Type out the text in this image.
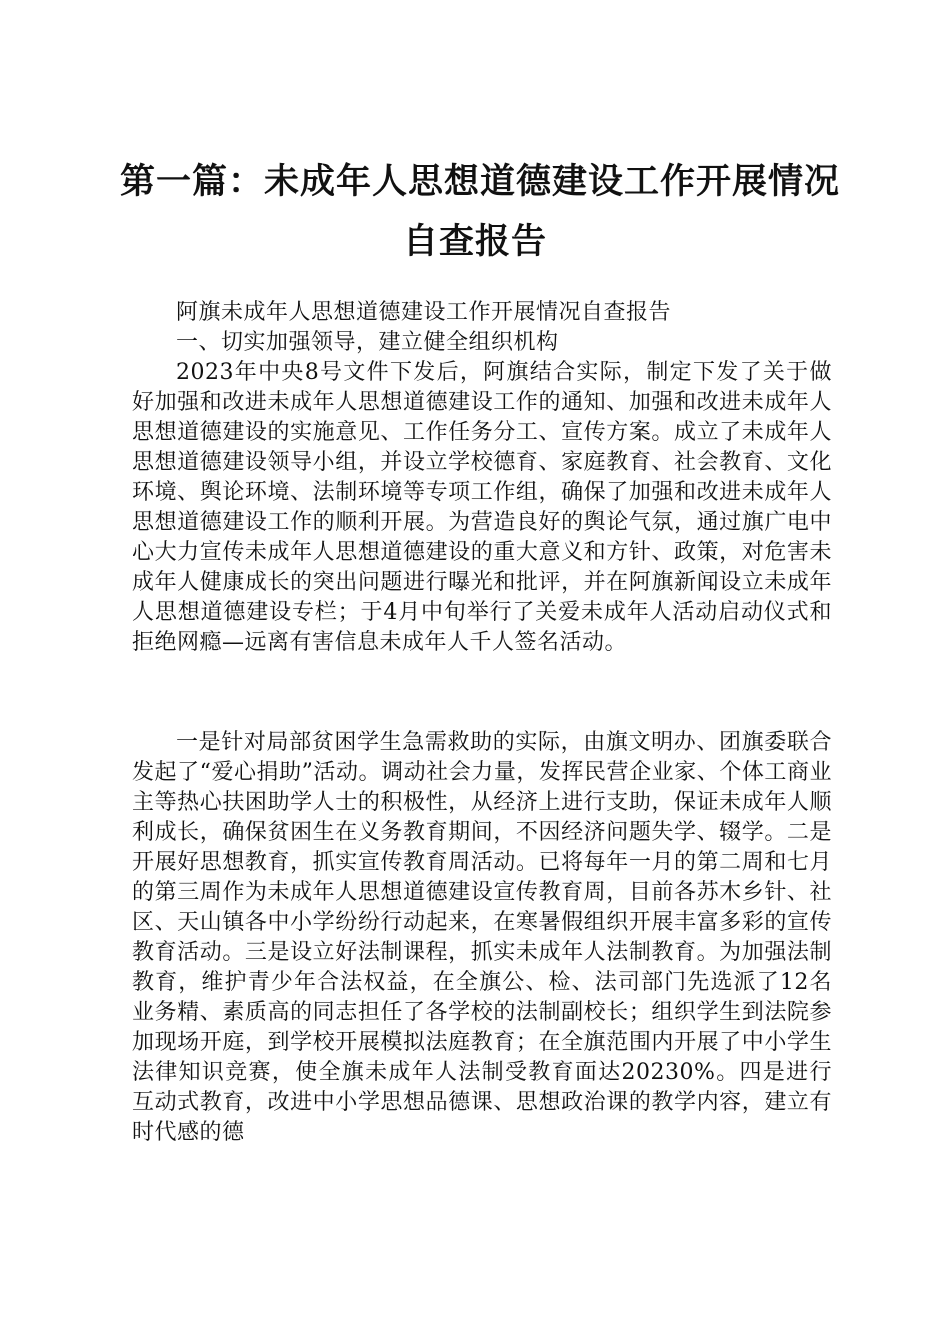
第一篇：未成年人思想道德建设工作开展情况
自查报告

阿旗未成年人思想道德建设工作开展情况自查报告

一、切实加强领导，建立健全组织机构

2023年中央8号文件下发后，阿旗结合实际，制定下发了关于做好加强和改进未成年人思想道德建设工作的通知、加强和改进未成年人思想道德建设的实施意见、工作任务分工、宣传方案。成立了未成年人思想道德建设领导小组，并设立学校德育、家庭教育、社会教育、文化环境、舆论环境、法制环境等专项工作组，确保了加强和改进未成年人思想道德建设工作的顺利开展。为营造良好的舆论气氛，通过旗广电中心大力宣传未成年人思想道德建设的重大意义和方针、政策，对危害未成年人健康成长的突出问题进行曝光和批评，并在阿旗新闻设立未成年人思想道德建设专栏；于4月中旬举行了关爱未成年人活动启动仪式和拒绝网瘾—远离有害信息未成年人千人签名活动。

一是针对局部贫困学生急需救助的实际，由旗文明办、团旗委联合发起了“爱心捐助”活动。调动社会力量，发挥民营企业家、个体工商业主等热心扶困助学人士的积极性，从经济上进行支助，保证未成年人顺利成长，确保贫困生在义务教育期间，不因经济问题失学、辍学。二是开展好思想教育，抓实宣传教育周活动。已将每年一月的第二周和七月的第三周作为未成年人思想道德建设宣传教育周，目前各苏木乡针、社区、天山镇各中小学纷纷行动起来，在寒暑假组织开展丰富多彩的宣传教育活动。三是设立好法制课程，抓实未成年人法制教育。为加强法制教育，维护青少年合法权益，在全旗公、检、法司部门先选派了12名业务精、素质高的同志担任了各学校的法制副校长；组织学生到法院参加现场开庭，到学校开展模拟法庭教育；在全旗范围内开展了中小学生法律知识竞赛，使全旗未成年人法制受教育面达20230%。四是进行互动式教育，改进中小学思想品德课、思想政治课的教学内容，建立有时代感的德
